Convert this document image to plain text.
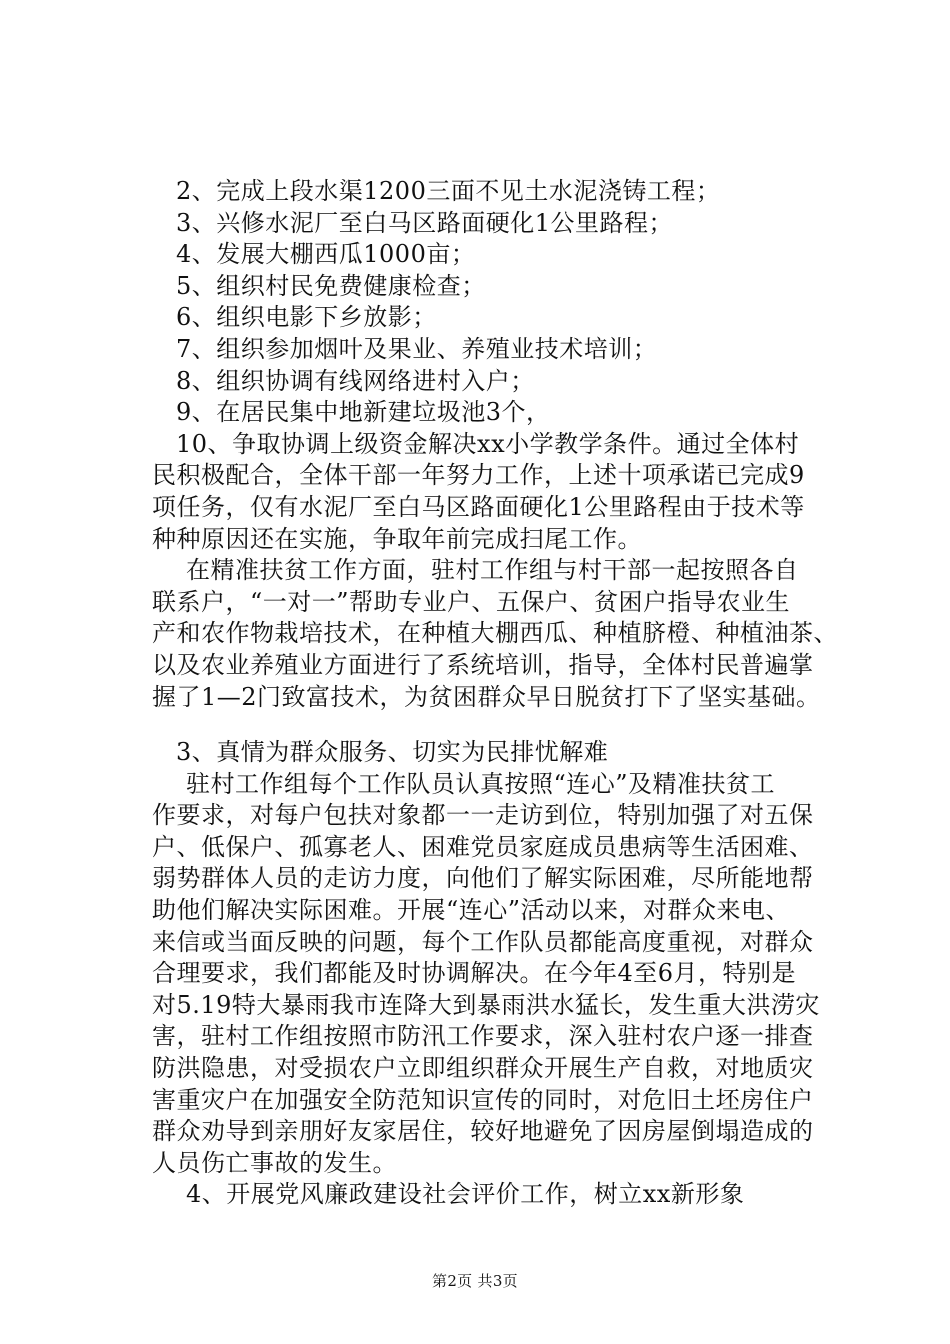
2、完成上段水渠1200三面不见土水泥浇铸工程；
3、兴修水泥厂至白马区路面硬化1公里路程；
4、发展大棚西瓜1000亩；
5、组织村民免费健康检查；
6、组织电影下乡放影；
7、组织参加烟叶及果业、养殖业技术培训；
8、组织协调有线网络进村入户；
9、在居民集中地新建垃圾池3个，
10、争取协调上级资金解决xx小学教学条件。通过全体村
民积极配合，全体干部一年努力工作，上述十项承诺已完成9
项任务，仅有水泥厂至白马区路面硬化1公里路程由于技术等
种种原因还在实施，争取年前完成扫尾工作。
在精准扶贫工作方面，驻村工作组与村干部一起按照各自
联系户，“一对一”帮助专业户、五保户、贫困户指导农业生
产和农作物栽培技术，在种植大棚西瓜、种植脐橙、种植油茶、
以及农业养殖业方面进行了系统培训，指导，全体村民普遍掌
握了1—2门致富技术，为贫困群众早日脱贫打下了坚实基础。
3、真情为群众服务、切实为民排忧解难
驻村工作组每个工作队员认真按照“连心”及精准扶贫工
作要求，对每户包扶对象都一一走访到位，特别加强了对五保
户、低保户、孤寡老人、困难党员家庭成员患病等生活困难、
弱势群体人员的走访力度，向他们了解实际困难，尽所能地帮
助他们解决实际困难。开展“连心”活动以来，对群众来电、
来信或当面反映的问题，每个工作队员都能高度重视，对群众
合理要求，我们都能及时协调解决。在今年4至6月，特别是
对5.19特大暴雨我市连降大到暴雨洪水猛长，发生重大洪涝灾
害，驻村工作组按照市防汛工作要求，深入驻村农户逐一排查
防洪隐患，对受损农户立即组织群众开展生产自救，对地质灾
害重灾户在加强安全防范知识宣传的同时，对危旧土坯房住户
群众劝导到亲朋好友家居住，较好地避免了因房屋倒塌造成的
人员伤亡事故的发生。
4、开展党风廉政建设社会评价工作，树立xx新形象
第2页 共3页
